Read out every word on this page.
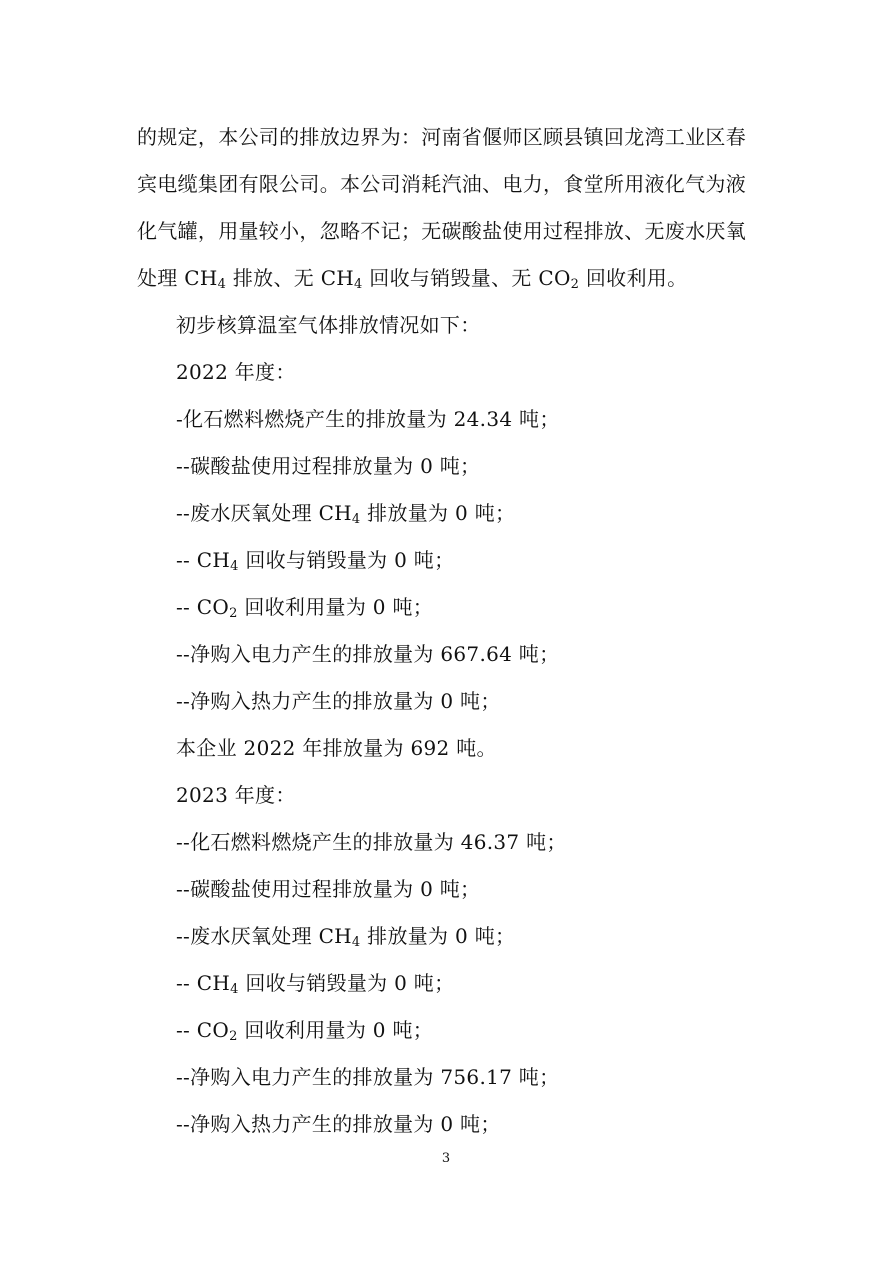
的规定，本公司的排放边界为：河南省偃师区顾县镇回龙湾工业区春

宾电缆集团有限公司。本公司消耗汽油、电力，食堂所用液化气为液

化气罐，用量较小，忽略不记；无碳酸盐使用过程排放、无废水厌氧

处理 $CH_4$ 排放、无 $CH_4$ 回收与销毁量、无 $CO_2$ 回收利用。

初步核算温室气体排放情况如下：

2022 年度：

-化石燃料燃烧产生的排放量为 24.34 吨；

--碳酸盐使用过程排放量为 0 吨；

--废水厌氧处理 $CH_4$ 排放量为 0 吨；

-- $CH_4$ 回收与销毁量为 0 吨；

-- $CO_2$ 回收利用量为 0 吨；

--净购入电力产生的排放量为 667.64 吨；

--净购入热力产生的排放量为 0 吨；

本企业 2022 年排放量为 692 吨。

2023 年度：

--化石燃料燃烧产生的排放量为 46.37 吨；

--碳酸盐使用过程排放量为 0 吨；

--废水厌氧处理 $CH_4$ 排放量为 0 吨；

-- $CH_4$ 回收与销毁量为 0 吨；

-- $CO_2$ 回收利用量为 0 吨；

--净购入电力产生的排放量为 756.17 吨；

--净购入热力产生的排放量为 0 吨；

3
